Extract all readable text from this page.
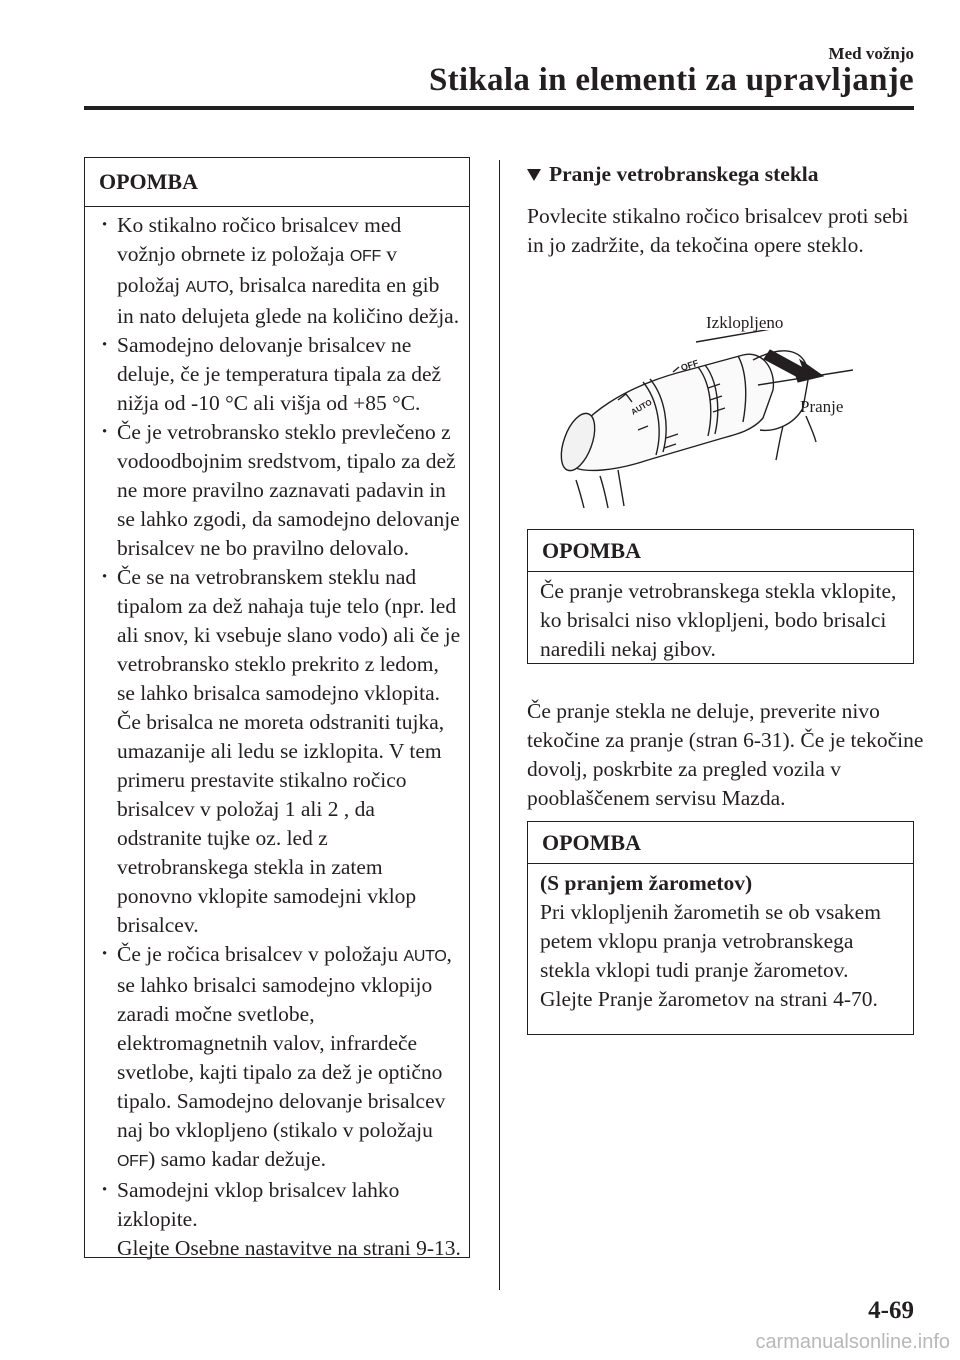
Med vožnjo
Stikala in elementi za upravljanje
OPOMBA

· Ko stikalno ročico brisalcev med vožnjo obrnete iz položaja OFF v položaj AUTO, brisalca naredita en gib in nato delujeta glede na količino dežja.

· Samodejno delovanje brisalcev ne deluje, če je temperatura tipala za dež nižja od -10 °C ali višja od +85 °C.

· Če je vetrobransko steklo prevlečeno z vodoodbojnim sredstvom, tipalo za dež ne more pravilno zaznavati padavin in se lahko zgodi, da samodejno delovanje brisalcev ne bo pravilno delovalo.

· Če se na vetrobranskem steklu nad tipalom za dež nahaja tuje telo (npr. led ali snov, ki vsebuje slano vodo) ali če je vetrobransko steklo prekrito z ledom, se lahko brisalca samodejno vklopita. Če brisalca ne moreta odstraniti tujka, umazanije ali ledu se izklopita. V tem primeru prestavite stikalno ročico brisalcev v položaj 1 ali 2 , da odstranite tujke oz. led z vetrobranskega stekla in zatem ponovno vklopite samodejni vklop brisalcev.

· Če je ročica brisalcev v položaju AUTO, se lahko brisalci samodejno vklopijo zaradi močne svetlobe, elektromagnetnih valov, infrardeče svetlobe, kajti tipalo za dež je optično tipalo. Samodejno delovanje brisalcev naj bo vklopljeno (stikalo v položaju OFF) samo kadar dežuje.

· Samodejni vklop brisalcev lahko izklopite.
Glejte Osebne nastavitve na strani 9-13.

Pranje vetrobranskega stekla
Povlecite stikalno ročico brisalcev proti sebi in jo zadržite, da tekočina opere steklo.
OFF
AUTO
Izklopljeno
Pranje
OPOMBA
Če pranje vetrobranskega stekla vklopite, ko brisalci niso vklopljeni, bodo brisalci naredili nekaj gibov.
Če pranje stekla ne deluje, preverite nivo tekočine za pranje (stran 6-31). Če je tekočine dovolj, poskrbite za pregled vozila v pooblaščenem servisu Mazda.
OPOMBA

(S pranjem žarometov)

Pri vklopljenih žarometih se ob vsakem petem vklopu pranja vetrobranskega stekla vklopi tudi pranje žarometov.

Glejte Pranje žarometov na strani 4-70.

4-69
carmanualsonline.info
